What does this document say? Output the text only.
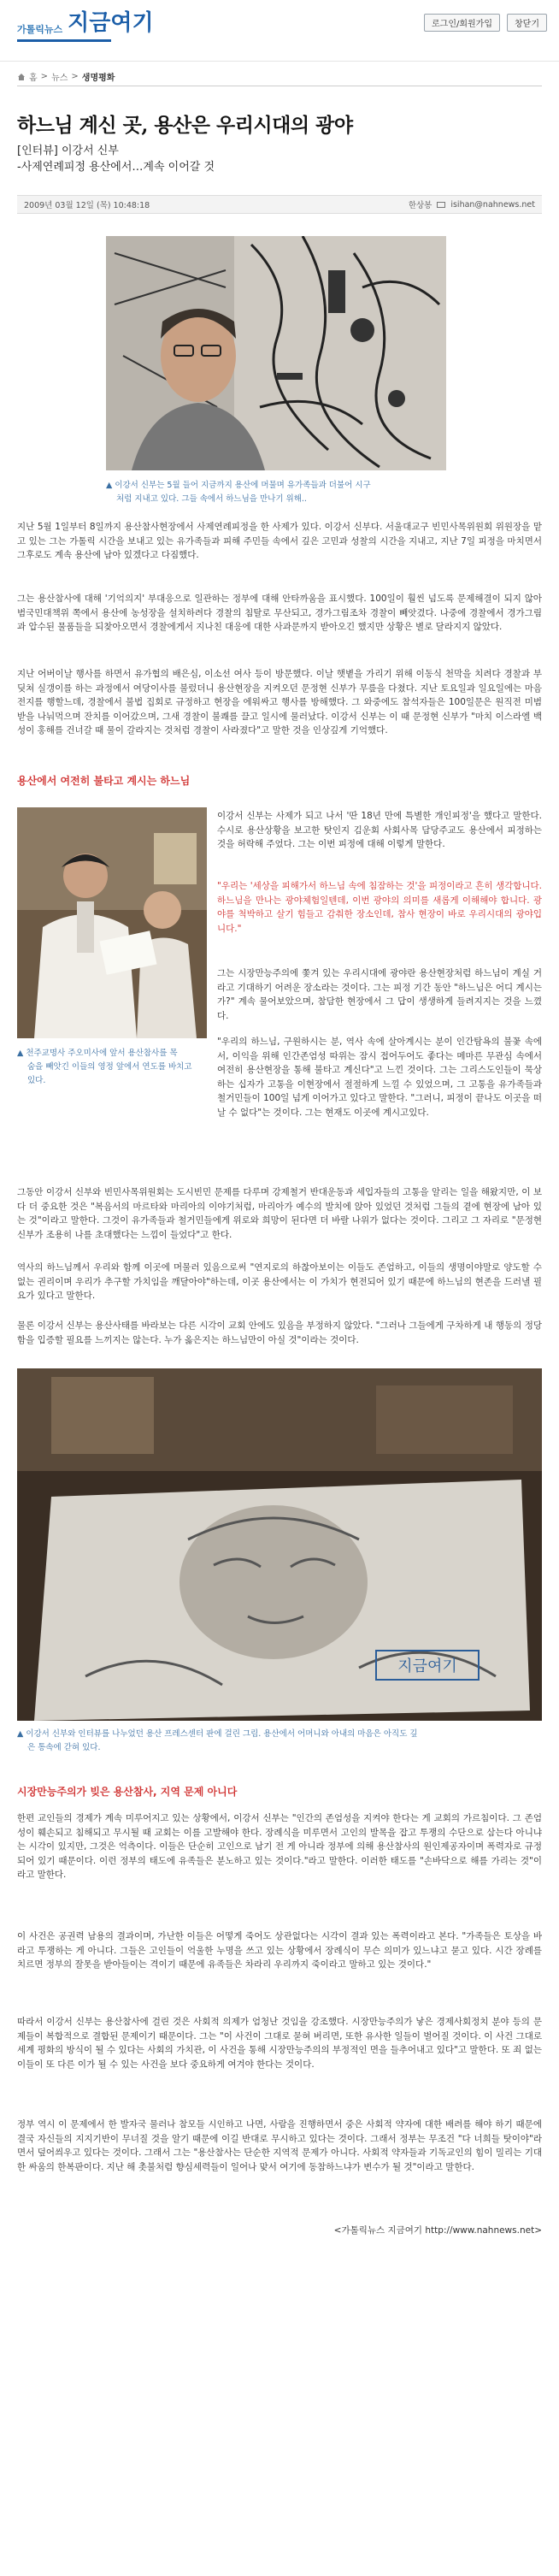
가톨릭뉴스 지금여기	로그인/회원가입	창닫기
홈 > 뉴스 > 생명평화
하느님 계신 곳, 용산은 우리시대의 광야
[인터뷰] 이강서 신부
-사제연례피정 용산에서…계속 이어갈 것
2009년 03월 12일 (목) 10:48:18	한상봉 isihan@nahnews.net
▲ 이강서 신부는 5월 들어 지금까지 용산에 머물며 유가족들과 더불어 시구
처럼 지내고 있다. 그들 속에서 하느님을 만나기 위해..
지난 5월 1일부터 8일까지 용산참사현장에서 사제연례피정을 한 사제가 있다. 이강서 신부다. 서울대교구 빈민사목위원회 위원장을 맡고 있는 그는 가톨릭 시간을 보내고 있는 유가족들과 피해 주민들 속에서 깊은 고민과 성찰의 시간을 지내고, 지난 7일 피정을 마치면서 그후로도 계속 용산에 남아 있겠다고 다짐했다.
그는 용산참사에 대해 '기억의지' 부대응으로 일관하는 정부에 대해 안타까움을 표시했다. 100일이 훨씬 넘도록 문제해결이 되지 않아 범국민대책위 쪽에서 용산에 농성장을 설치하려다 경찰의 침탈로 무산되고, 경가그림조차 경찰이 빼앗겼다. 나중에 경찰에서 경가그림과 압수된 물품들을 되찾아오면서 경찰에게서 지나친 대응에 대한 사과문까지 받아오긴 했지만 상황은 별로 달라지지 않았다.
지난 어버이날 행사를 하면서 유가협의 배은심, 이소선 여사 등이 방문했다. 이날 햇볕을 가리기 위해 이동식 천막을 치려다 경찰과 부딪쳐 실갱이를 하는 과정에서 여당이사를 불렀더니 용산현장을 지켜오던 문정현 신부가 무릎을 다쳤다. 지난 토요일과 일요일에는 마음전지를 행할느데, 경찰에서 불법 집회로 규정하고 현장을 에워싸고 행사를 방해했다. 그 와중에도 참석자들은 100일문은 원직전 미범 받을 나눠먹으며 잔치를 이어갔으며, 그새 경찰이 불쾌를 끌고 일시에 물러났다. 이강서 신부는 이 때 문정현 신부가 "마치 이스라엘 백성이 홍해를 건너갈 때 물이 갈라지는 것처럼 경찰이 사라졌다"고 말한 것을 인상깊게 기억했다.
용산에서 여전히 불타고 계시는 하느님
▲ 천주교명사 주오미사에 앞서 용산참사를 목
숨을 빼앗긴 이들의 영정 앞에서 연도를 바치고
있다.
이강서 신부는 사제가 되고 나서 '딴 18년 만에 특별한 개인피정'을 했다고 말한다. 수시로 용산상황을 보고한 탓인지 김운회 사회사목 담당주교도 용산에서 피정하는 것을 허락해 주었다. 그는 이번 피정에 대해 이렇게 말한다.
"우리는 '세상을 피해가서 하느님 속에 침잠하는 것'을 피정이라고 흔히 생각합니다. 하느님을 만나는 광야체험일텐데, 이번 광야의 의미를 새롭게 이해해야 합니다. 광야를 척박하고 살기 힘들고 감춰한 장소인데, 참사 현장이 바로 우리시대의 광야입니다."
그는 시장만능주의에 쫓겨 있는 우리시대에 광야란 용산현장처럼 하느님이 계실 거라고 기대하기 어려운 장소라는 것이다. 그는 피정 기간 동안 "하느님은 어디 계시는가?" 계속 물어보았으며, 참담한 현장에서 그 답이 생생하게 들려지지는 것을 느꼈다.
"우리의 하느님, 구원하시는 분, 역사 속에 살아계시는 분이 인간탐욕의 불꽃 속에서, 이익을 위해 인간존엄성 따위는 잠시 접어두어도 좋다는 메마른 무관심 속에서 여전히 용산현장을 통해 불타고 계신다"고 느낀 것이다. 그는 그리스도인들이 묵상하는 십자가 고통을 이현장에서 절절하게 느낄 수 있었으며, 그 고통을 유가족들과 철거민들이 100일 넘게 이어가고 있다고 말한다. "그러니, 피정이 끝나도 이곳을 떠날 수 없다"는 것이다. 그는 현재도 이곳에 계시고있다.
그동안 이강서 신부와 빈민사목위원회는 도시빈민 문제를 다루며 강제철거 반대운동과 세입자들의 고통을 알리는 일을 해왔지만, 이 보다 더 중요한 것은 "복음서의 마르타와 마리아의 이야기처럼, 마리아가 예수의 발치에 앉아 있었던 것처럼 그들의 곁에 현장에 남아 있는 것"이라고 말한다. 그것이 유가족들과 철거민들에게 위로와 희망이 된다면 더 바랄 나위가 없다는 것이다. 그리고 그 자리로 "문정현 신부가 조용히 나를 초대했다는 느낌이 들었다"고 한다.
역사의 하느님께서 우리와 함께 이곳에 머물러 있음으로써 "연지로의 하찮아보이는 이들도 존엄하고, 이들의 생명이야말로 양도할 수 없는 권리이며 우리가 추구할 가치임을 깨달아야"하는데, 이곳 용산에서는 이 가치가 현전되어 있기 때문에 하느님의 현존을 드러낼 필요가 있다고 말한다.
물론 이강서 신부는 용산사태를 바라보는 다른 시각이 교회 안에도 있음을 부정하지 않았다. "그러나 그들에게 구차하게 내 행동의 정당함을 입증할 필요를 느끼지는 않는다. 누가 옳은지는 하느님만이 아실 것"이라는 것이다.
지금여기
▲ 이강서 신부와 인터뷰를 나누었던 용산 프레스센터 판에 걸린 그림. 용산에서 어머니와 아내의 마음은 아직도 깊
은 통속에 갇혀 있다.
시장만능주의가 빚은 용산참사, 지역 문제 아니다
한편 교인들의 경제가 계속 미루어지고 있는 상황에서, 이강서 신부는 "인간의 존엄성을 지켜야 한다는 게 교회의 가르침이다. 그 존엄성이 훼손되고 침해되고 무시될 때 교회는 이를 고발해야 한다. 장례식을 미루면서 고인의 발목을 잡고 투쟁의 수단으로 삼는다 아니냐는 시각이 있지만, 그것은 억측이다. 이들은 단순히 고인으로 남기 전 게 아니라 정부에 의해 용산참사의 원인제공자이며 폭력자로 규정되어 있기 때문이다. 이런 정부의 태도에 유족들은 분노하고 있는 것이다."라고 말한다. 이러한 태도를 "손바닥으로 해를 가리는 것"이라고 말한다.
이 사건은 공권력 남용의 결과이며, 가난한 이들은 어떻게 죽어도 상관없다는 시각이 결과 있는 폭력이라고 본다. "가족들은 토상을 바라고 투쟁하는 게 아니다. 그들은 고인들이 억울한 누명을 쓰고 있는 상황에서 장례식이 무슨 의미가 있느냐고 묻고 있다. 시간 장례를 치르면 정부의 잘못을 받아들이는 격이기 때문에 유족들은 차라리 우리까지 죽이라고 말하고 있는 것이다."
따라서 이강서 신부는 용산참사에 걸린 것은 사회적 의제가 엄청난 것임을 강조했다. 시장만능주의가 낳은 경제사회정치 분야 등의 문제들이 복합적으로 결합된 문제이기 때문이다. 그는 "이 사건이 그대로 묻혀 버리면, 또한 유사한 일들이 벌어질 것이다. 이 사건 그대로 세계 평화의 방식이 될 수 있다는 사회의 가치관, 이 사건을 통해 시장만능주의의 부정적인 면을 들추어내고 있다"고 말한다. 또 죄 없는 이들이 또 다른 이가 될 수 있는 사건을 보다 중요하게 여겨야 한다는 것이다.
정부 역시 이 문제에서 한 발자국 물러나 참모들 시인하고 나면, 사람을 진행하면서 중은 사회적 약자에 대한 배려를 해야 하기 때문에 결국 자신들의 지지기반이 무너질 것을 알기 때문에 이길 반대로 무시하고 있다는 것이다. 그래서 정부는 무조건 "다 너희들 탓이야"라면서 덮어씌우고 있다는 것이다. 그래서 그는 "용산참사는 단순한 지역적 문제가 아니다. 사회적 약자들과 기독교인의 힘이 밀리는 기대한 싸움의 한복판이다. 지난 해 촛불처럼 향심세력들이 일어나 맞서 여기에 동참하느냐가 변수가 될 것"이라고 말한다.
<가톨릭뉴스 지금여기 http://www.nahnews.net>
